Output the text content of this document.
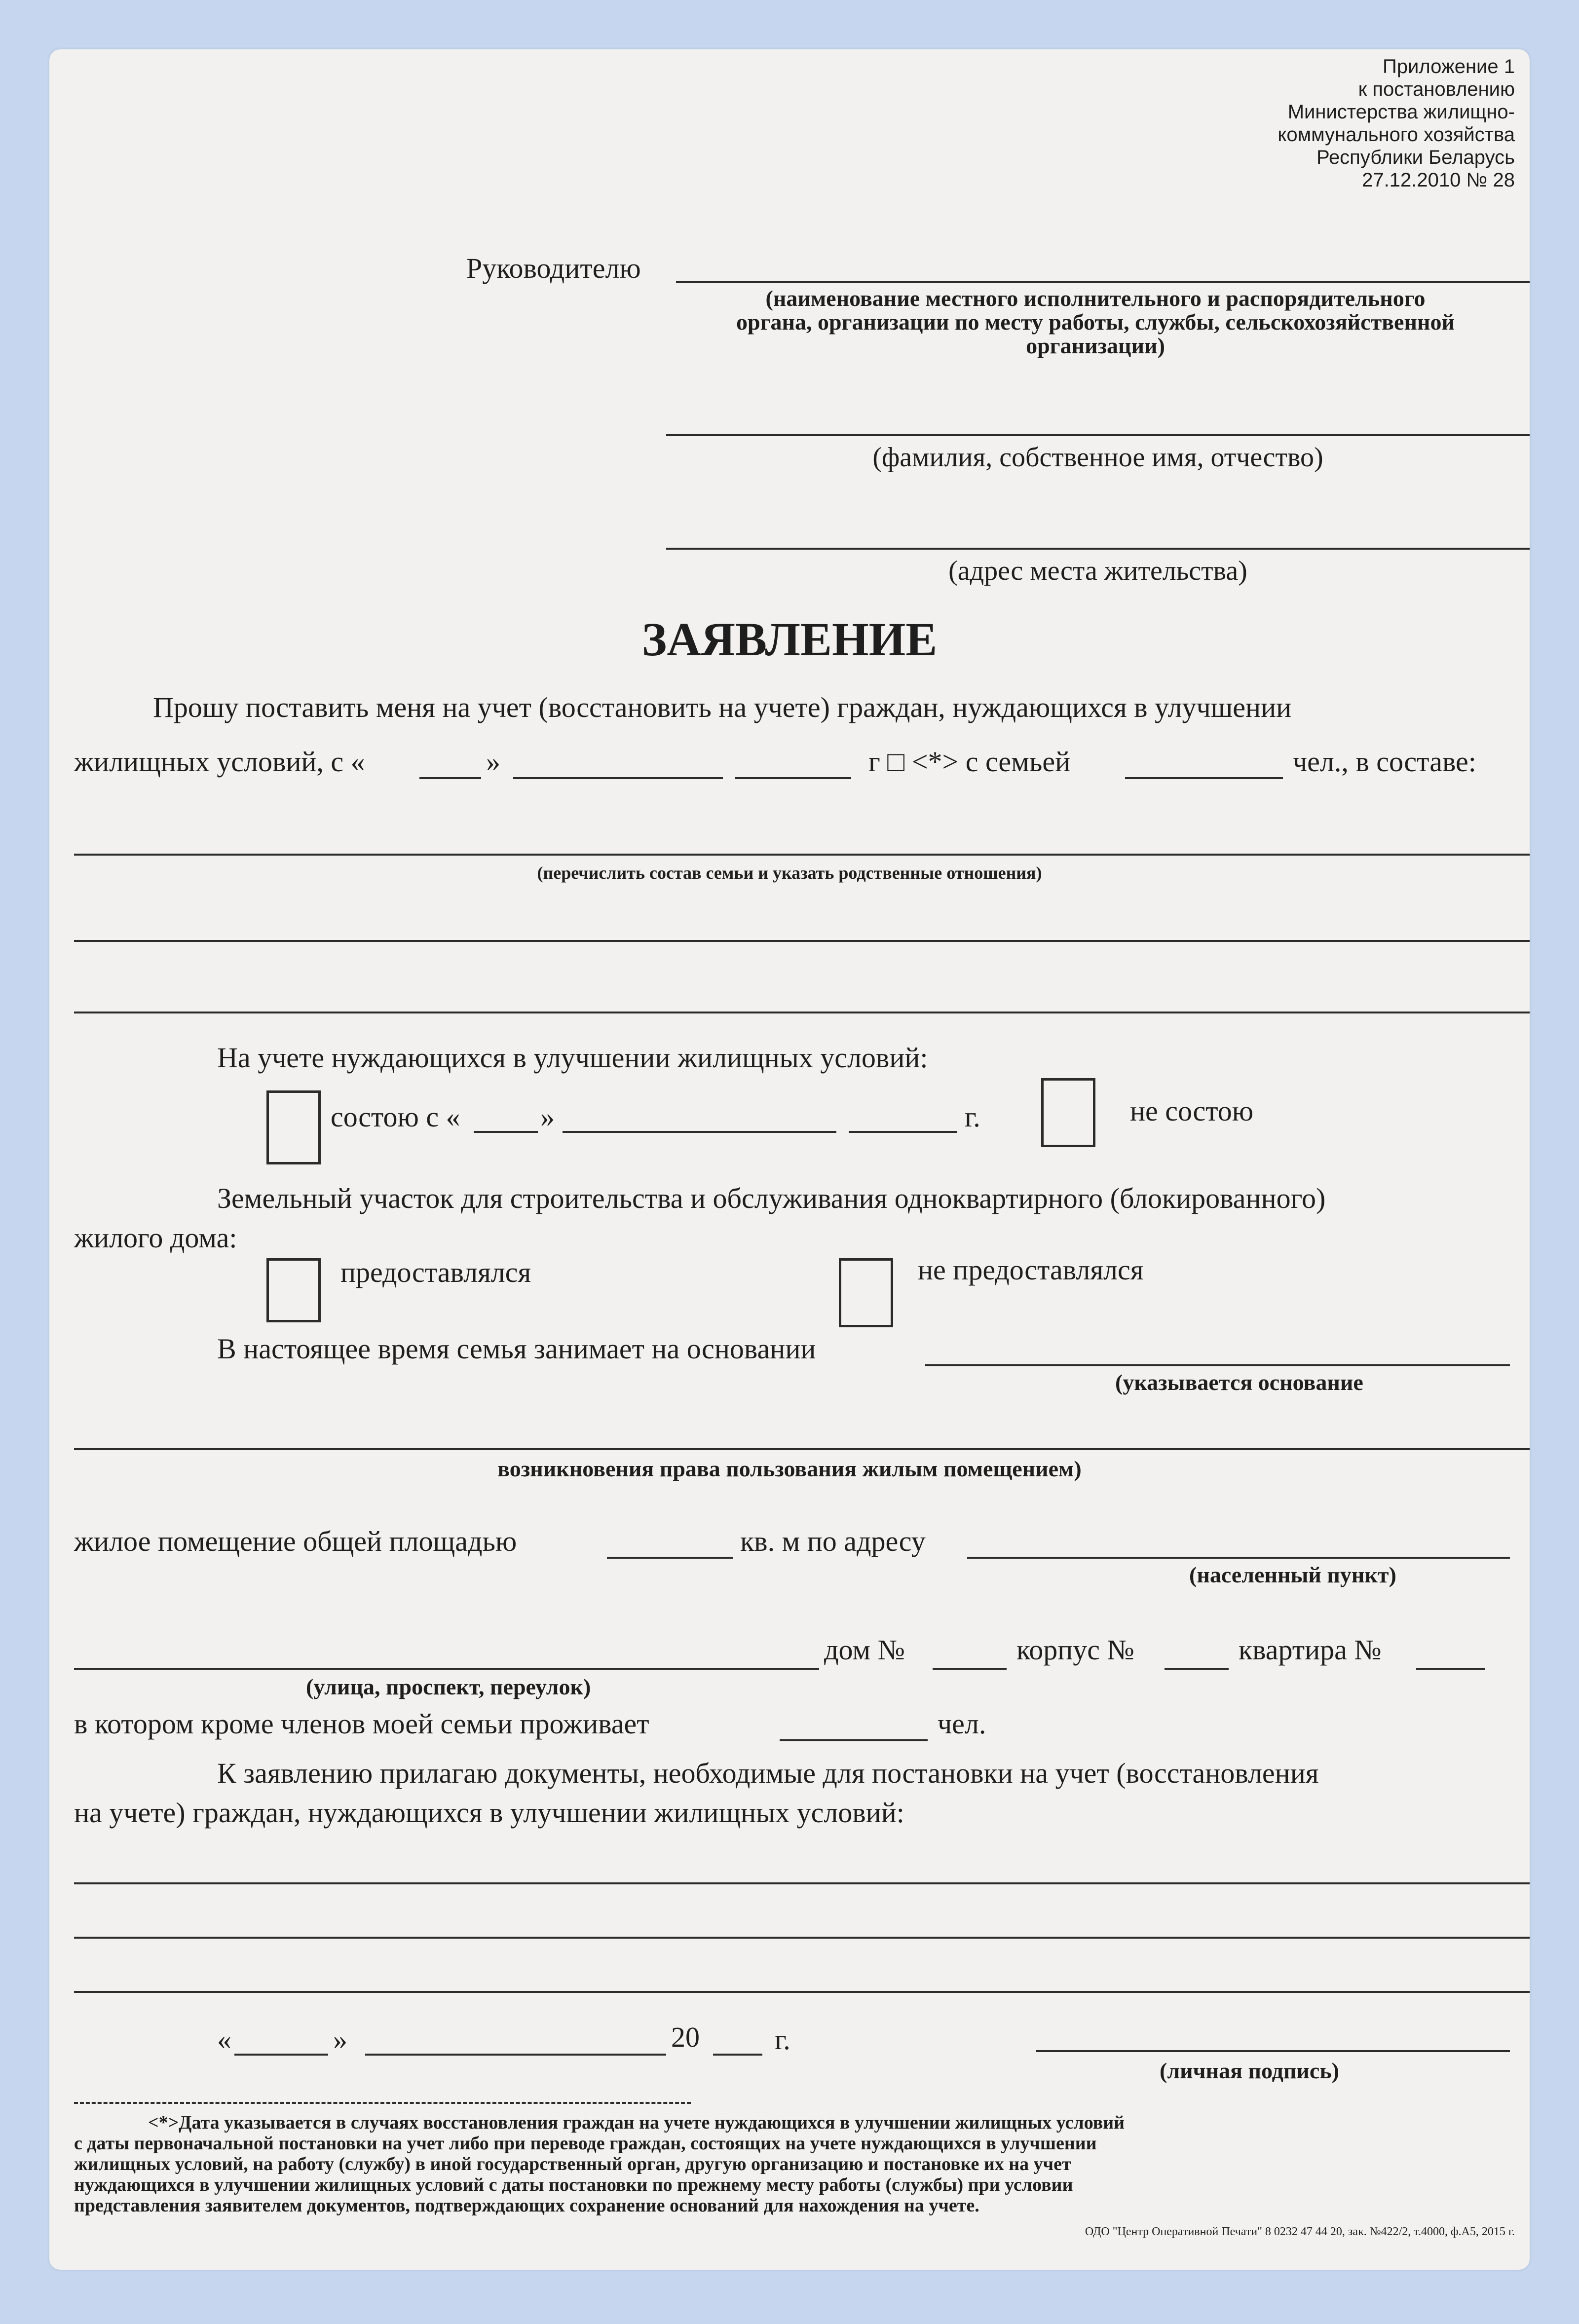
Приложение 1
к постановлению
Министерства жилищно-
коммунального хозяйства
Республики Беларусь
27.12.2010 № 28
Руководителю
(наименование местного исполнительного и распорядительного
органа, организации по месту работы, службы, сельскохозяйственной
организации)
(фамилия, собственное имя, отчество)
(адрес места жительства)
ЗАЯВЛЕНИЕ
Прошу поставить меня на учет (восстановить на учете) граждан, нуждающихся в улучшении
жилищных условий, с «	»	г □ <*> с семьей	чел., в составе:
(перечислить состав семьи и указать родственные отношения)
На учете нуждающихся в улучшении жилищных условий:
состою с «	»	г.	не состою
Земельный участок для строительства и обслуживания одноквартирного (блокированного)
жилого дома:
предоставлялся	не предоставлялся
В настоящее время семья занимает на основании
(указывается основание
возникновения права пользования жилым помещением)
жилое помещение общей площадью	кв. м по адресу
(населенный пункт)
дом №	корпус №	квартира №
(улица, проспект, переулок)
в котором кроме членов моей семьи проживает	чел.
К заявлению прилагаю документы, необходимые для постановки на учет (восстановления
на учете) граждан, нуждающихся в улучшении жилищных условий:
«	»	20	г.
(личная подпись)
<*>Дата указывается в случаях восстановления граждан на учете нуждающихся в улучшении жилищных условий
с даты первоначальной постановки на учет либо при переводе граждан, состоящих на учете нуждающихся в улучшении
жилищных условий, на работу (службу) в иной государственный орган, другую организацию и постановке их на учет
нуждающихся в улучшении жилищных условий с даты постановки по прежнему месту работы (службы) при условии
представления заявителем документов, подтверждающих сохранение оснований для нахождения на учете.
ОДО "Центр Оперативной Печати" 8 0232 47 44 20, зак. №422/2, т.4000, ф.А5, 2015 г.
